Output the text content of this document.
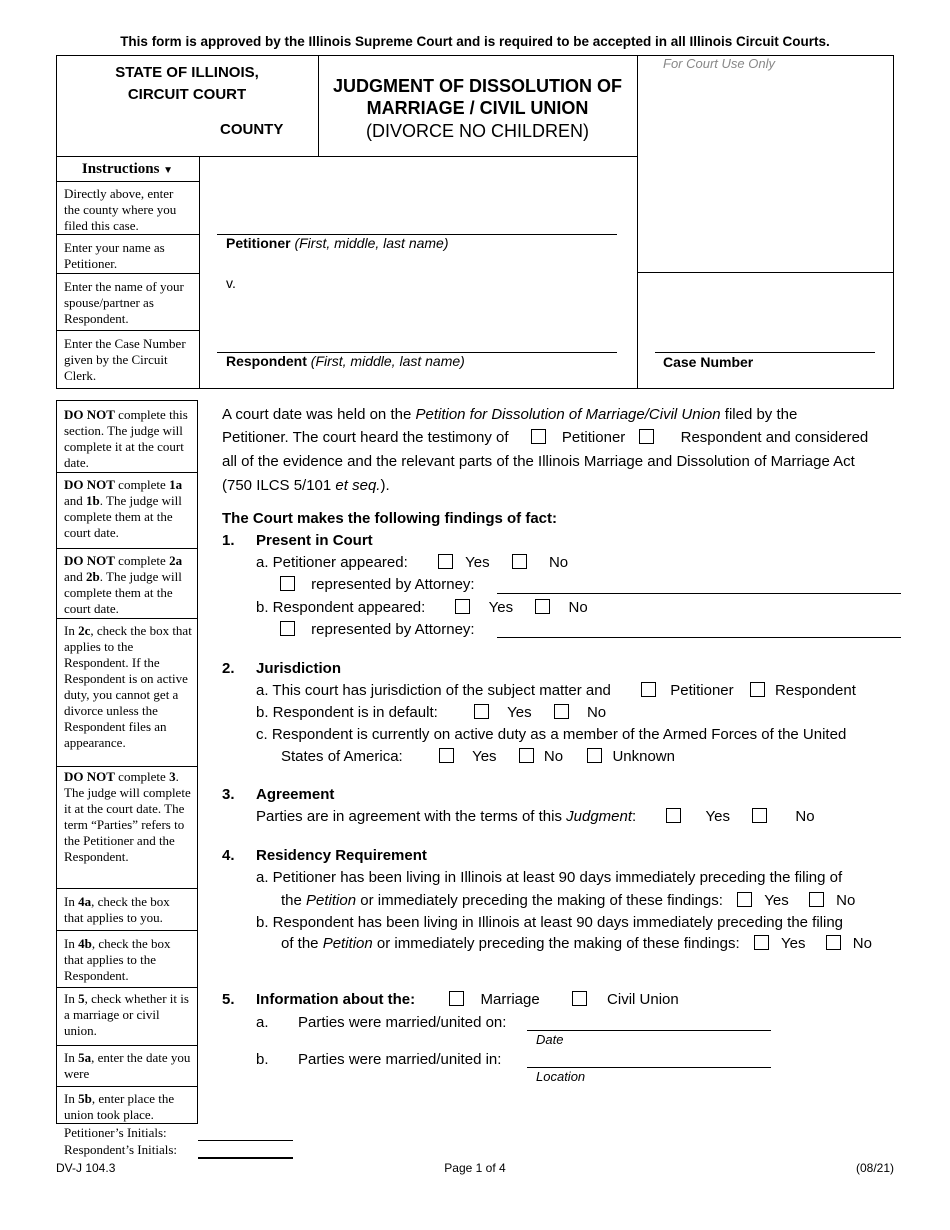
This form is approved by the Illinois Supreme Court and is required to be accepted in all Illinois Circuit Courts.
STATE OF ILLINOIS,
CIRCUIT COURT
COUNTY
JUDGMENT OF DISSOLUTION OF
MARRIAGE / CIVIL UNION
(DIVORCE NO CHILDREN)
For Court Use Only
Instructions ▼
Directly above, enter the county where you filed this case.
Enter your name as Petitioner.
Enter the name of your spouse/partner as Respondent.
Enter the Case Number given by the Circuit Clerk.
Petitioner (First, middle, last name)
v.
Respondent (First, middle, last name)	Case Number
DO NOT complete this section. The judge will complete it at the court date.
DO NOT complete 1a and 1b. The judge will complete them at the court date.
DO NOT complete 2a and 2b. The judge will complete them at the court date.
In 2c, check the box that applies to the Respondent. If the Respondent is on active duty, you cannot get a divorce unless the Respondent files an appearance.
DO NOT complete 3. The judge will complete it at the court date. The term “Parties” refers to the Petitioner and the Respondent.
In 4a, check the box that applies to you.
In 4b, check the box that applies to the Respondent.
In 5, check whether it is a marriage or civil union.
In 5a, enter the date you were
In 5b, enter place the union took place.
A court date was held on the Petition for Dissolution of Marriage/Civil Union filed by the
Petitioner. The court heard the testimony of	Petitioner	Respondent and considered
all of the evidence and the relevant parts of the Illinois Marriage and Dissolution of Marriage Act
(750 ILCS 5/101 et seq.).
The Court makes the following findings of fact:
1. Present in Court
a. Petitioner appeared:	Yes	No
represented by Attorney:
b. Respondent appeared:	Yes	No
represented by Attorney:
2. Jurisdiction
a. This court has jurisdiction of the subject matter and	Petitioner	Respondent
b. Respondent is in default:	Yes	No
c. Respondent is currently on active duty as a member of the Armed Forces of the United
States of America:	Yes	No	Unknown
3. Agreement
Parties are in agreement with the terms of this Judgment:	Yes	No
4. Residency Requirement
a. Petitioner has been living in Illinois at least 90 days immediately preceding the filing of
the Petition or immediately preceding the making of these findings:	Yes	No
b. Respondent has been living in Illinois at least 90 days immediately preceding the filing
of the Petition or immediately preceding the making of these findings:	Yes	No
5. Information about the:	Marriage	Civil Union
a. Parties were married/united on:
Date
b. Parties were married/united in:
Location
Petitioner’s Initials:
Respondent’s Initials:
DV-J 104.3	Page 1 of 4	(08/21)
